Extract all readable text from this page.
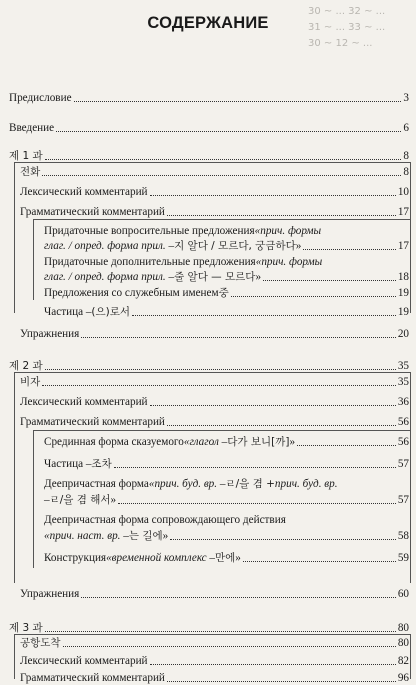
30 ~ ... 32 ~ ...
31 ~ ... 33 ~ ...
30 ~ 12 ~ ...
СОДЕРЖАНИЕ
Предисловие	3
Введение	6
제 1 과	8
전화	8
Лексический комментарий	10
Грамматический комментарий	17
Придаточные вопросительные предложения «прич. формы
глаг. / опред. форма прил. – 지 알다 / 모르다, 궁금하다 »	17
Придаточные дополнительные предложения «прич. формы
глаг. / опред. форма прил. – 줄 알다 — 모르다 »	18
Предложения со служебным именем 중	19
Частица – (으)로서	19
Упражнения	20
제 2 과	35
비자	35
Лексический комментарий	36
Грамматический комментарий	56
Срединная форма сказуемого «глагол – 다가 보니[까] »	56
Частица – 조차	57
Деепричастная форма «прич. буд. вр. – ㄹ/을 겸 + прич. буд. вр.
– ㄹ/을 겸 해서 »	57
Деепричастная форма сопровождающего действия
«прич. наст. вр. – 는 길에 »	58
Конструкция «временной комплекс – 만에 »	59
Упражнения	60
제 3 과	80
공항도착	80
Лексический комментарий	82
Грамматический комментарий	96
